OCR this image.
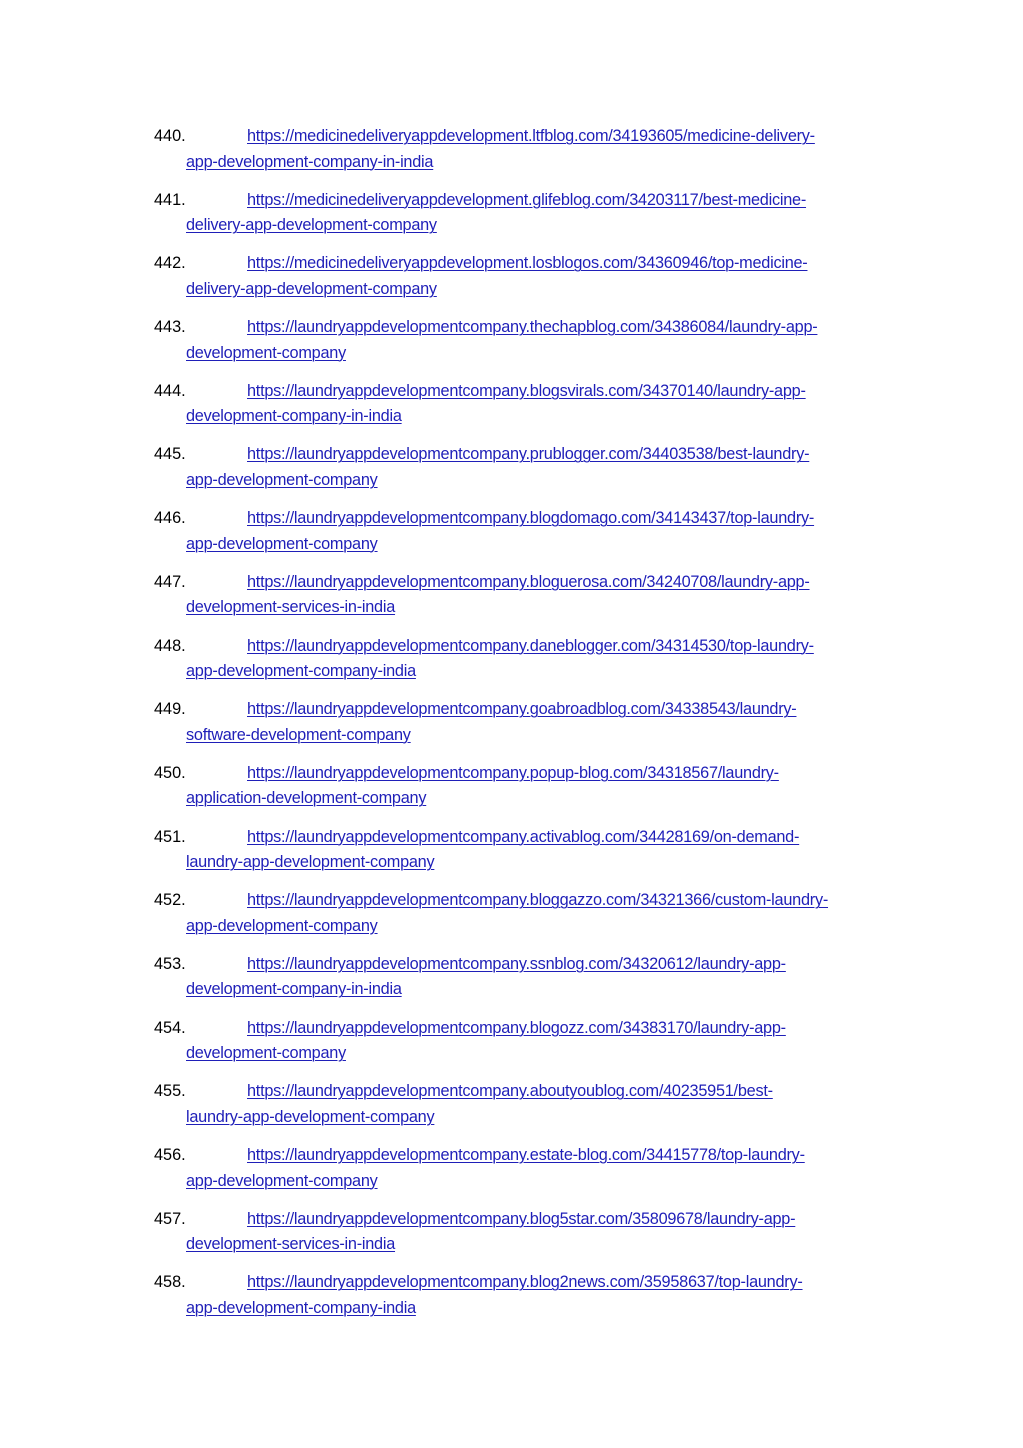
440.	https://medicinedeliveryappdevelopment.ltfblog.com/34193605/medicine-delivery-
app-development-company-in-india
441.	https://medicinedeliveryappdevelopment.glifeblog.com/34203117/best-medicine-
delivery-app-development-company
442.	https://medicinedeliveryappdevelopment.losblogos.com/34360946/top-medicine-
delivery-app-development-company
443.	https://laundryappdevelopmentcompany.thechapblog.com/34386084/laundry-app-
development-company
444.	https://laundryappdevelopmentcompany.blogsvirals.com/34370140/laundry-app-
development-company-in-india
445.	https://laundryappdevelopmentcompany.prublogger.com/34403538/best-laundry-
app-development-company
446.	https://laundryappdevelopmentcompany.blogdomago.com/34143437/top-laundry-
app-development-company
447.	https://laundryappdevelopmentcompany.bloguerosa.com/34240708/laundry-app-
development-services-in-india
448.	https://laundryappdevelopmentcompany.daneblogger.com/34314530/top-laundry-
app-development-company-india
449.	https://laundryappdevelopmentcompany.goabroadblog.com/34338543/laundry-
software-development-company
450.	https://laundryappdevelopmentcompany.popup-blog.com/34318567/laundry-
application-development-company
451.	https://laundryappdevelopmentcompany.activablog.com/34428169/on-demand-
laundry-app-development-company
452.	https://laundryappdevelopmentcompany.bloggazzo.com/34321366/custom-laundry-
app-development-company
453.	https://laundryappdevelopmentcompany.ssnblog.com/34320612/laundry-app-
development-company-in-india
454.	https://laundryappdevelopmentcompany.blogozz.com/34383170/laundry-app-
development-company
455.	https://laundryappdevelopmentcompany.aboutyoublog.com/40235951/best-
laundry-app-development-company
456.	https://laundryappdevelopmentcompany.estate-blog.com/34415778/top-laundry-
app-development-company
457.	https://laundryappdevelopmentcompany.blog5star.com/35809678/laundry-app-
development-services-in-india
458.	https://laundryappdevelopmentcompany.blog2news.com/35958637/top-laundry-
app-development-company-india
